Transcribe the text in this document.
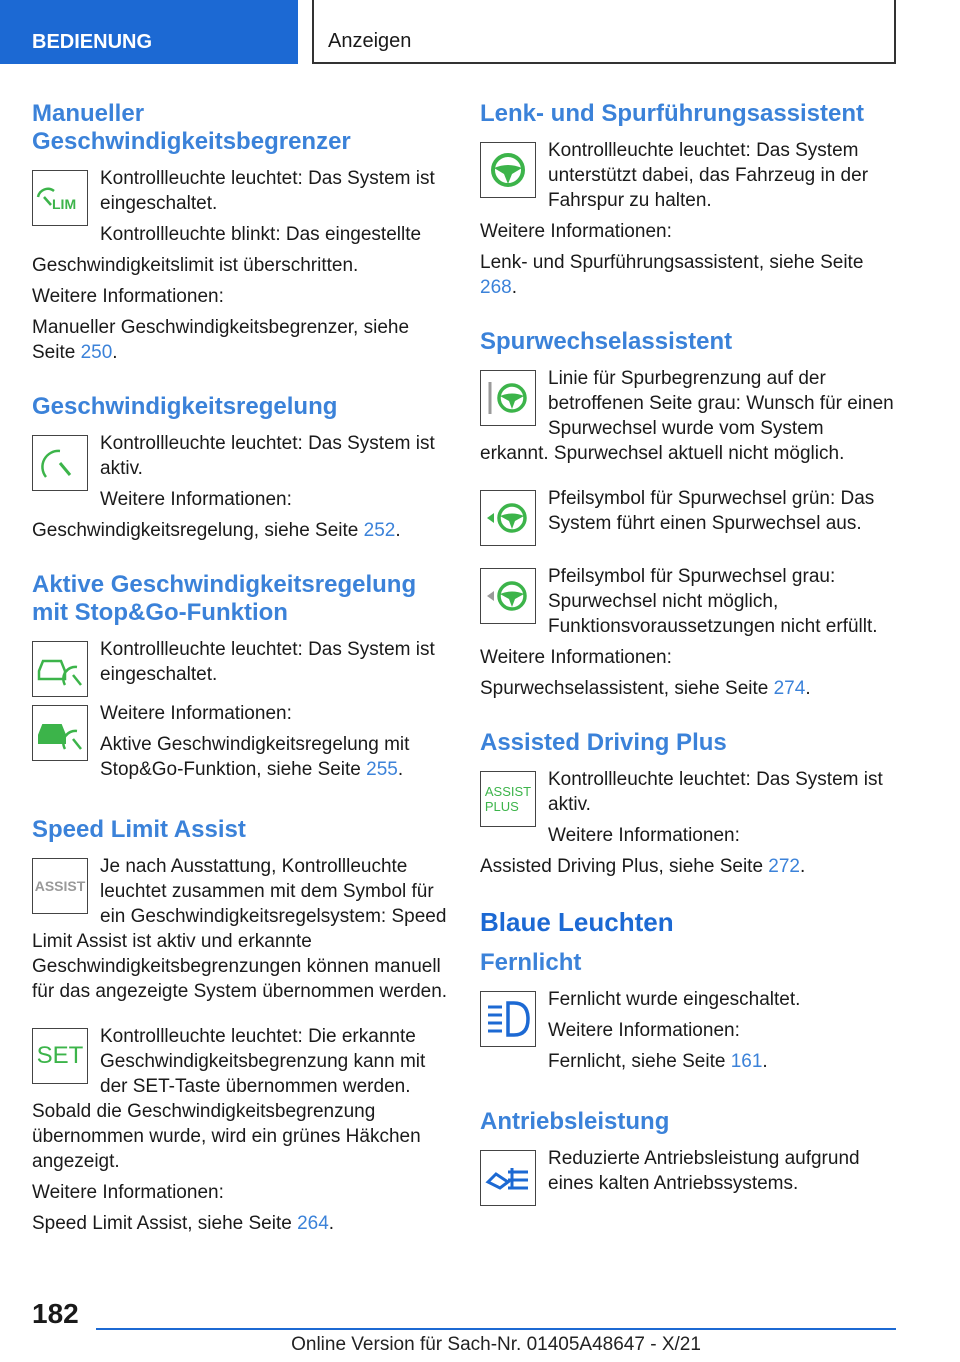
BEDIENUNG	Anzeigen
Manueller Geschwindigkeitsbegrenzer
LIM

Kontrollleuchte leuchtet: Das System ist eingeschaltet.

Kontrollleuchte blinkt: Das eingestellte

Geschwindigkeitslimit ist überschritten.

Weitere Informationen:

Manueller Geschwindigkeitsbegrenzer, siehe Seite 250.

Geschwindigkeitsregelung

Kontrollleuchte leuchtet: Das System ist aktiv.

Weitere Informationen:

Geschwindigkeitsregelung, siehe Seite 252.

Aktive Geschwindigkeitsregelung mit Stop&Go-Funktion

Kontrollleuchte leuchtet: Das System ist eingeschaltet.

Weitere Informationen:

Aktive Geschwindigkeitsregelung mit Stop&Go-Funktion, siehe Seite 255.

Speed Limit Assist
ASSIST

Je nach Ausstattung, Kontrollleuchte leuchtet zusammen mit dem Symbol für ein Geschwindigkeitsregelsystem: Speed Limit Assist ist aktiv und erkannte Geschwindigkeitsbegrenzungen können manuell für das angezeigte System übernommen werden.

SET

Kontrollleuchte leuchtet: Die erkannte Geschwindigkeitsbegrenzung kann mit der SET-Taste übernommen werden. Sobald die Geschwindigkeitsbegrenzung übernommen wurde, wird ein grünes Häkchen angezeigt.

Weitere Informationen:

Speed Limit Assist, siehe Seite 264.

Lenk- und Spurführungsassistent

Kontrollleuchte leuchtet: Das System unterstützt dabei, das Fahrzeug in der Fahrspur zu halten.

Weitere Informationen:

Lenk- und Spurführungsassistent, siehe Seite 268.

Spurwechselassistent

Linie für Spurbegrenzung auf der betroffenen Seite grau: Wunsch für einen Spurwechsel wurde vom System erkannt. Spurwechsel aktuell nicht möglich.

Pfeilsymbol für Spurwechsel grün: Das System führt einen Spurwechsel aus.

Pfeilsymbol für Spurwechsel grau: Spurwechsel nicht möglich, Funktionsvoraussetzungen nicht erfüllt.

Weitere Informationen:

Spurwechselassistent, siehe Seite 274.

Assisted Driving Plus
ASSIST
PLUS

Kontrollleuchte leuchtet: Das System ist aktiv.

Weitere Informationen:

Assisted Driving Plus, siehe Seite 272.

Blaue Leuchten
Fernlicht

Fernlicht wurde eingeschaltet.

Weitere Informationen:

Fernlicht, siehe Seite 161.

Antriebsleistung

Reduzierte Antriebsleistung aufgrund eines kalten Antriebssystems.

182
Online Version für Sach-Nr. 01405A48647 - X/21
